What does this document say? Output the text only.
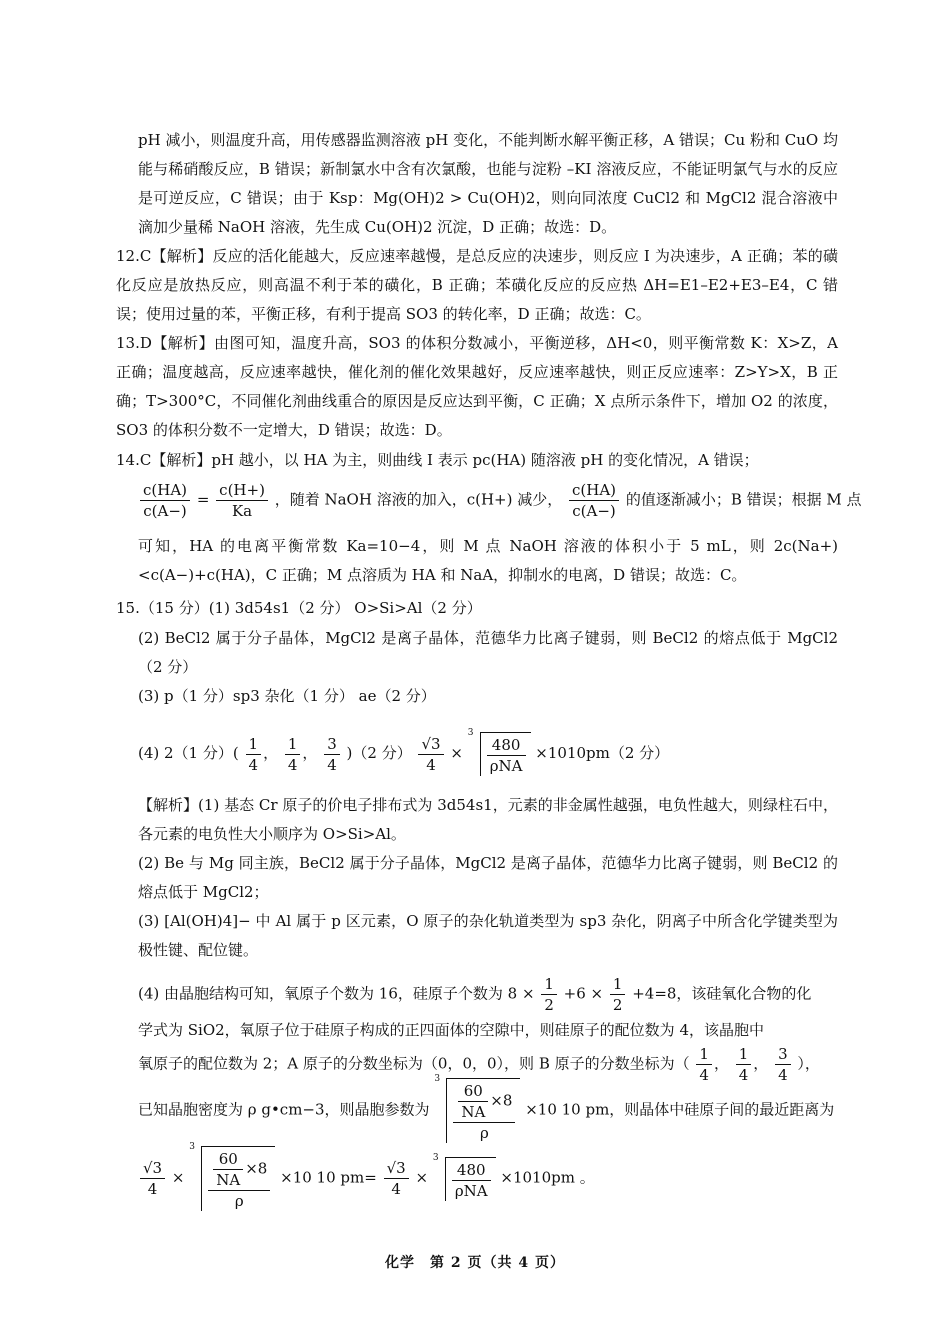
pH 减小，则温度升高，用传感器监测溶液 pH 变化，不能判断水解平衡正移，A 错误；Cu 粉和 CuO 均能与稀硝酸反应，B 错误；新制氯水中含有次氯酸，也能与淀粉 –KI 溶液反应，不能证明氯气与水的反应是可逆反应，C 错误；由于 Ksp：Mg(OH)2 > Cu(OH)2，则向同浓度 CuCl2 和 MgCl2 混合溶液中滴加少量稀 NaOH 溶液，先生成 Cu(OH)2 沉淀，D 正确；故选：D。

12.C【解析】反应的活化能越大，反应速率越慢，是总反应的决速步，则反应 I 为决速步，A 正确；苯的磺化反应是放热反应，则高温不利于苯的磺化，B 正确；苯磺化反应的反应热 ΔH=E1–E2+E3–E4，C 错误；使用过量的苯，平衡正移，有利于提高 SO3 的转化率，D 正确；故选：C。

13.D【解析】由图可知，温度升高，SO3 的体积分数减小，平衡逆移，ΔH<0，则平衡常数 K：X>Z，A 正确；温度越高，反应速率越快，催化剂的催化效果越好，反应速率越快，则正反应速率：Z>Y>X，B 正确；T>300°C，不同催化剂曲线重合的原因是反应达到平衡，C 正确；X 点所示条件下，增加 O2 的浓度，SO3 的体积分数不一定增大，D 错误；故选：D。

14.C【解析】pH 越小，以 HA 为主，则曲线 I 表示 pc(HA) 随溶液 pH 的变化情况，A 错误；

$\frac{c(HA)}{c(A-)} = \frac{c(H+)}{Ka}$ ，随着 NaOH 溶液的加入，c(H+) 减少， $\frac{c(HA)}{c(A-)}$ 的值逐渐减小；B 错误；根据 M 点

可知，HA 的电离平衡常数 Ka=10−4，则 M 点 NaOH 溶液的体积小于 5 mL，则 2c(Na+)<c(A−)+c(HA)，C 正确；M 点溶质为 HA 和 NaA，抑制水的电离，D 错误；故选：C。

15.（15 分）(1) 3d54s1（2 分） O>Si>Al（2 分）

(2) BeCl2 属于分子晶体，MgCl2 是离子晶体，范德华力比离子键弱，则 BeCl2 的熔点低于 MgCl2（2 分）

(3) p（1 分）sp3 杂化（1 分） ae（2 分）

(4) 2（1 分）( $\frac{1}{4}$ ， $\frac{1}{4}$ ， $\frac{3}{4} )(2$ 分） $\frac{√3}{4}$ ×
3
$\frac{480}{\text{ρNA}} \times 1010pm(2$ 分）

【解析】(1) 基态 Cr 原子的价电子排布式为 3d54s1，元素的非金属性越强，电负性越大，则绿柱石中，各元素的电负性大小顺序为 O>Si>Al。

(2) Be 与 Mg 同主族，BeCl2 属于分子晶体，MgCl2 是离子晶体，范德华力比离子键弱，则 BeCl2 的熔点低于 MgCl2；

(3) [Al(OH)4]− 中 Al 属于 p 区元素，O 原子的杂化轨道类型为 sp3 杂化，阴离子中所含化学键类型为极性键、配位键。

(4) 由晶胞结构可知，氧原子个数为 16，硅原子个数为 $8 \times \frac{1}{2} +6 \times \frac{1}{2} +4=8$，该硅氧化合物的化

学式为 SiO2，氧原子位于硅原子构成的正四面体的空隙中，则硅原子的配位数为 4，该晶胞中

氧原子的配位数为 2；A 原子的分数坐标为（0，0，0），则 B 原子的分数坐标为（ $\frac{1}{4}$ ， $\frac{1}{4}$ ， $\frac{3}{4}$ ），
已知晶胞密度为 ρ g•cm−3，则晶胞参数为
3
$\frac{\frac{60}{NA} \times 8}{\rho} \times 10$ 10 pm，则晶体中硅原子间的最近距离为
$\frac{√3}{4}$ ×
3
$\frac{\frac{60}{NA} \times 8}{\rho} \times 10$ 10 $pm= \frac{√3}{4}$ ×
3
$\frac{480}{\text{ρNA}} \times 1010pm$ 。
化学　第 2 页（共 4 页）
